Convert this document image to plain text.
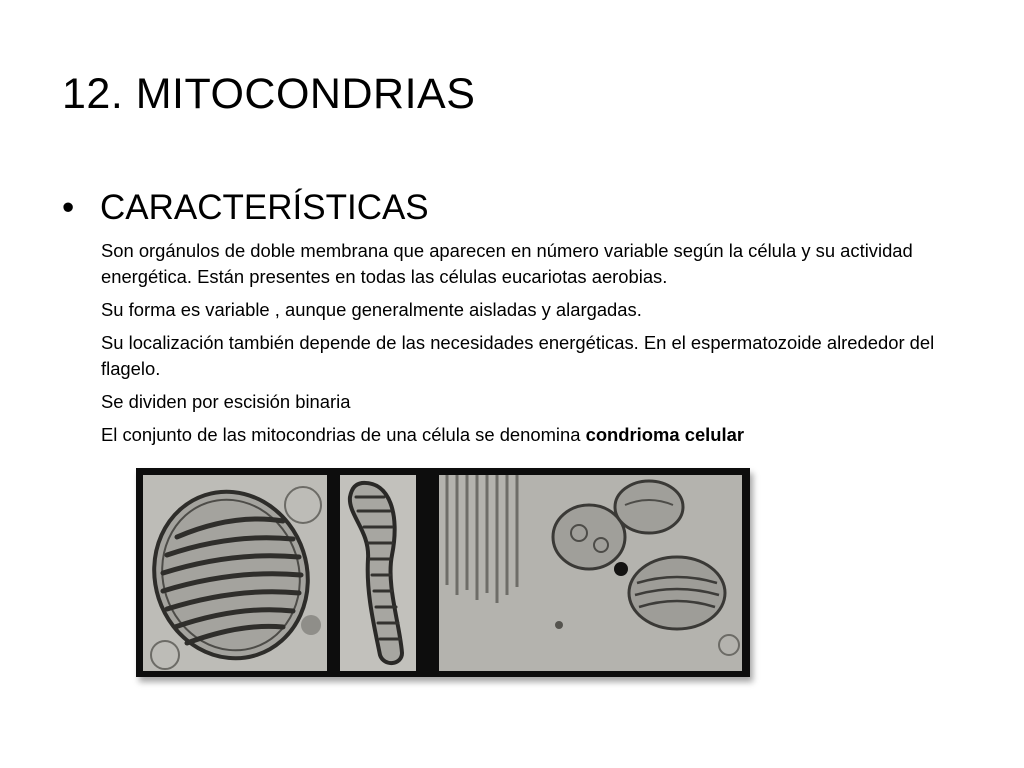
12. MITOCONDRIAS
• CARACTERÍSTICAS

Son orgánulos de doble membrana que aparecen en número variable según la célula y su actividad energética. Están presentes en todas las células eucariotas aerobias.

Su forma es variable , aunque generalmente aisladas y alargadas.

Su localización también depende de las necesidades energéticas. En el espermatozoide alrededor del flagelo.

Se dividen por escisión binaria

El conjunto de las mitocondrias de una célula se denomina condrioma celular
